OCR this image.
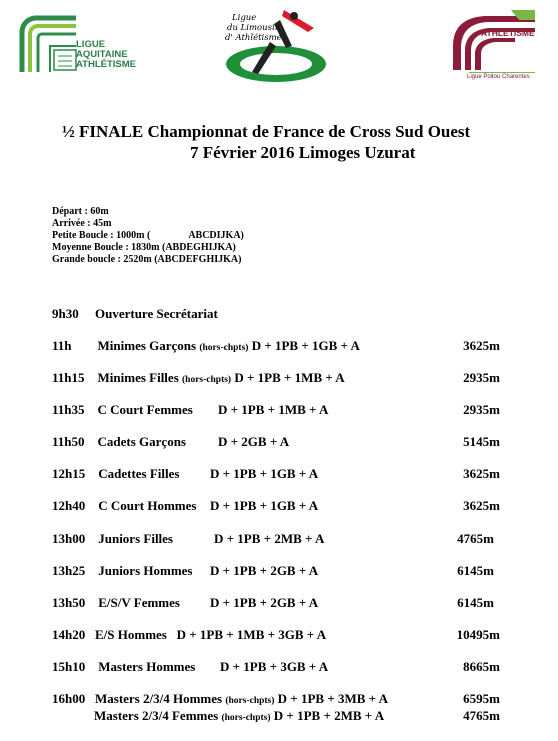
LIGUE
AQUITAINE
ATHLÉTISME
Ligue
du Limousin
d' Athlétisme	ATHLÉTISME
Ligue Poitou Charentes
½ FINALE Championnat de France de Cross Sud Ouest
7 Février 2016 Limoges Uzurat
Départ : 60m
Arrivée : 45m
Petite Boucle : 1000m (	ABCDIJKA)
Moyenne Boucle : 1830m (ABDEGHIJKA)
Grande boucle : 2520m (ABCDEFGHIJKA)
9h30 Ouverture Secrétariat
11h Minimes Garçons (hors-chpts) D + 1PB + 1GB + A	3625m
11h15 Minimes Filles (hors-chpts) D + 1PB + 1MB + A	2935m
11h35 C Court Femmes D + 1PB + 1MB + A	2935m
11h50 Cadets Garçons D + 2GB + A	5145m
12h15 Cadettes Filles D + 1PB + 1GB + A	3625m
12h40 C Court Hommes D + 1PB + 1GB + A	3625m
13h00 Juniors Filles	D + 1PB + 2MB + A	4765m
13h25 Juniors Hommes D + 1PB + 2GB + A	6145m
13h50 E/S/V Femmes D + 1PB + 2GB + A	6145m
14h20 E/S Hommes D + 1PB + 1MB + 3GB + A	10495m
15h10 Masters Hommes D + 1PB + 3GB + A	8665m
16h00 Masters 2/3/4 Hommes (hors-chpts) D + 1PB + 3MB + A	6595m
Masters 2/3/4 Femmes (hors-chpts) D + 1PB + 2MB + A	4765m
